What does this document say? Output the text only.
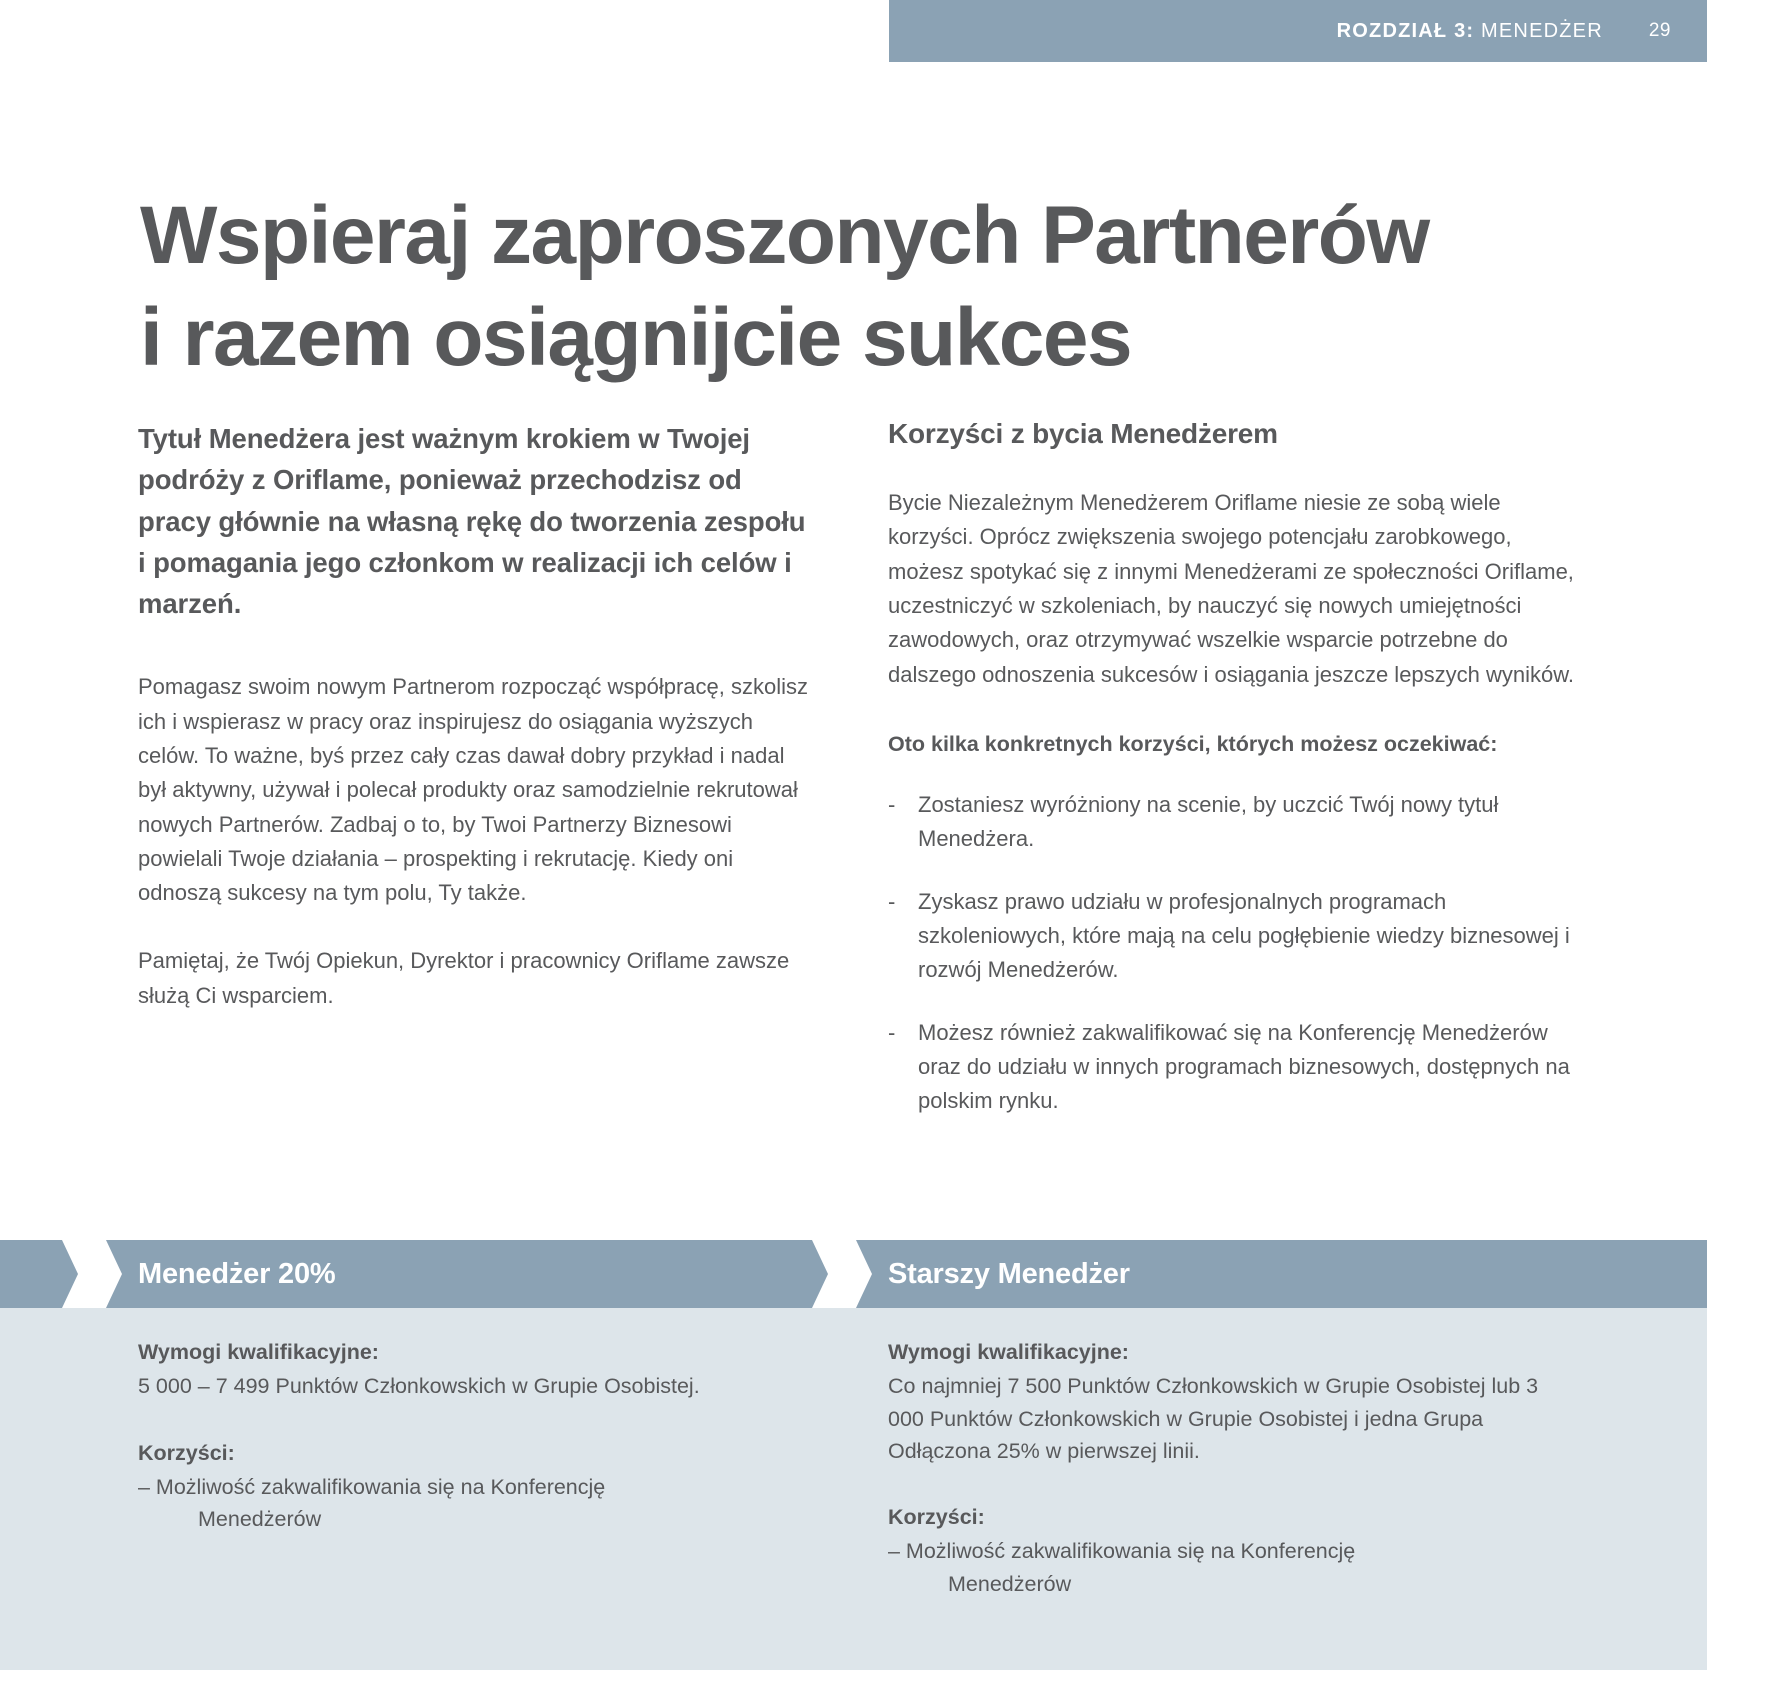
ROZDZIAŁ 3: MENEDŻER 29
Wspieraj zaproszonych Partnerów
i razem osiągnijcie sukces

Tytuł Menedżera jest ważnym krokiem w Twojej podróży z Oriflame, ponieważ przechodzisz od pracy głównie na własną rękę do tworzenia zespołu i pomagania jego członkom w realizacji ich celów i marzeń.

Pomagasz swoim nowym Partnerom rozpocząć współpracę, szkolisz ich i wspierasz w pracy oraz inspirujesz do osiągania wyższych celów. To ważne, byś przez cały czas dawał dobry przykład i nadal był aktywny, używał i polecał produkty oraz samodzielnie rekrutował nowych Partnerów. Zadbaj o to, by Twoi Partnerzy Biznesowi powielali Twoje działania – prospekting i rekrutację. Kiedy oni odnoszą sukcesy na tym polu, Ty także.

Pamiętaj, że Twój Opiekun, Dyrektor i pracownicy Oriflame zawsze służą Ci wsparciem.

Korzyści z bycia Menedżerem

Bycie Niezależnym Menedżerem Oriflame niesie ze sobą wiele korzyści. Oprócz zwiększenia swojego potencjału zarobkowego, możesz spotykać się z innymi Menedżerami ze społeczności Oriflame, uczestniczyć w szkoleniach, by nauczyć się nowych umiejętności zawodowych, oraz otrzymywać wszelkie wsparcie potrzebne do dalszego odnoszenia sukcesów i osiągania jeszcze lepszych wyników.

Oto kilka konkretnych korzyści, których możesz oczekiwać:

- Zostaniesz wyróżniony na scenie, by uczcić Twój nowy tytuł Menedżera.

- Zyskasz prawo udziału w profesjonalnych programach szkoleniowych, które mają na celu pogłębienie wiedzy biznesowej i rozwój Menedżerów.

- Możesz również zakwalifikować się na Konferencję Menedżerów oraz do udziału w innych programach biznesowych, dostępnych na polskim rynku.

Menedżer 20%	Starszy Menedżer
Wymogi kwalifikacyjne:
5 000 – 7 499 Punktów Członkowskich w Grupie Osobistej.
Korzyści:
– Możliwość zakwalifikowania się na Konferencję
Menedżerów
Wymogi kwalifikacyjne:
Co najmniej 7 500 Punktów Członkowskich w Grupie Osobistej lub 3 000 Punktów Członkowskich w Grupie Osobistej i jedna Grupa Odłączona 25% w pierwszej linii.
Korzyści:
– Możliwość zakwalifikowania się na Konferencję
Menedżerów
